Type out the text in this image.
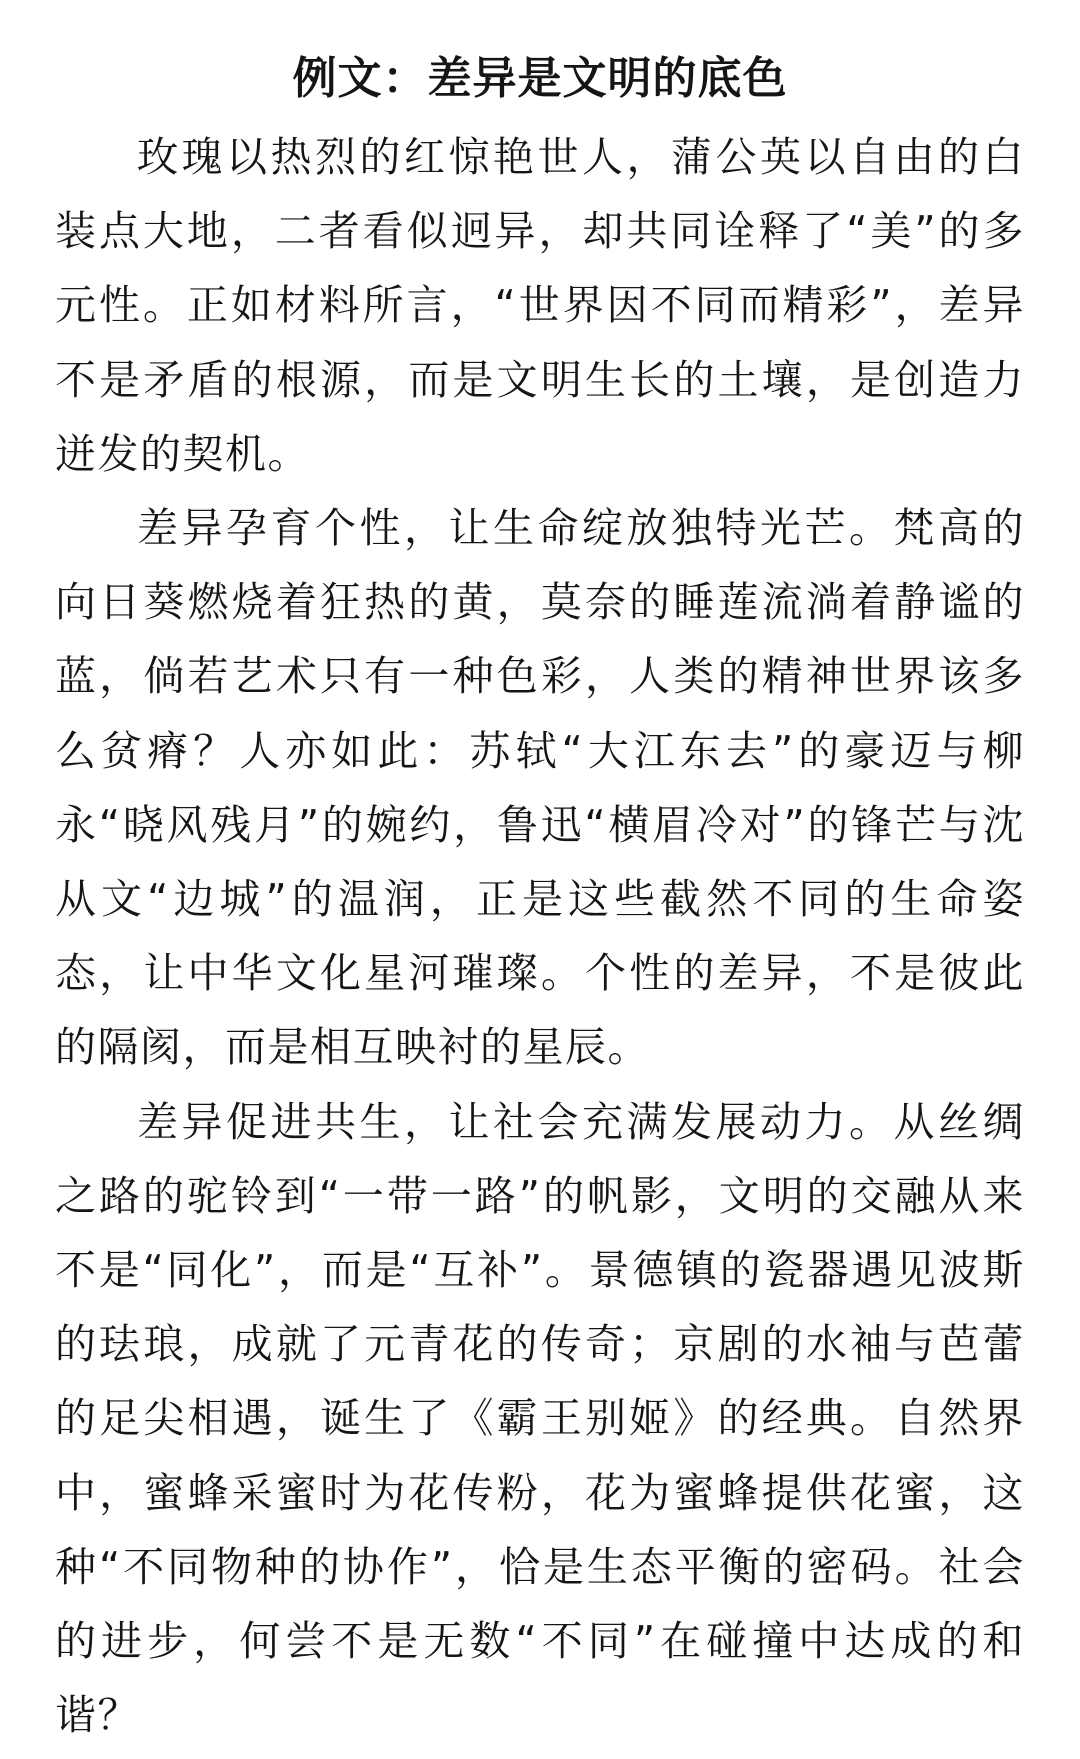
例文：差异是文明的底色

玫瑰以热烈的红惊艳世人，蒲公英以自由的白装点大地，二者看似迥异，却共同诠释了“美”的多元性。正如材料所言，“世界因不同而精彩”，差异不是矛盾的根源，而是文明生长的土壤，是创造力迸发的契机。

差异孕育个性，让生命绽放独特光芒。梵高的向日葵燃烧着狂热的黄，莫奈的睡莲流淌着静谧的蓝，倘若艺术只有一种色彩，人类的精神世界该多么贫瘠？人亦如此：苏轼“大江东去”的豪迈与柳永“晓风残月”的婉约，鲁迅“横眉冷对”的锋芒与沈从文“边城”的温润，正是这些截然不同的生命姿态，让中华文化星河璀璨。个性的差异，不是彼此的隔阂，而是相互映衬的星辰。

差异促进共生，让社会充满发展动力。从丝绸之路的驼铃到“一带一路”的帆影，文明的交融从来不是“同化”，而是“互补”。景德镇的瓷器遇见波斯的珐琅，成就了元青花的传奇；京剧的水袖与芭蕾的足尖相遇，诞生了《霸王别姬》的经典。自然界中，蜜蜂采蜜时为花传粉，花为蜜蜂提供花蜜，这种“不同物种的协作”，恰是生态平衡的密码。社会的进步，何尝不是无数“不同”在碰撞中达成的和谐？
